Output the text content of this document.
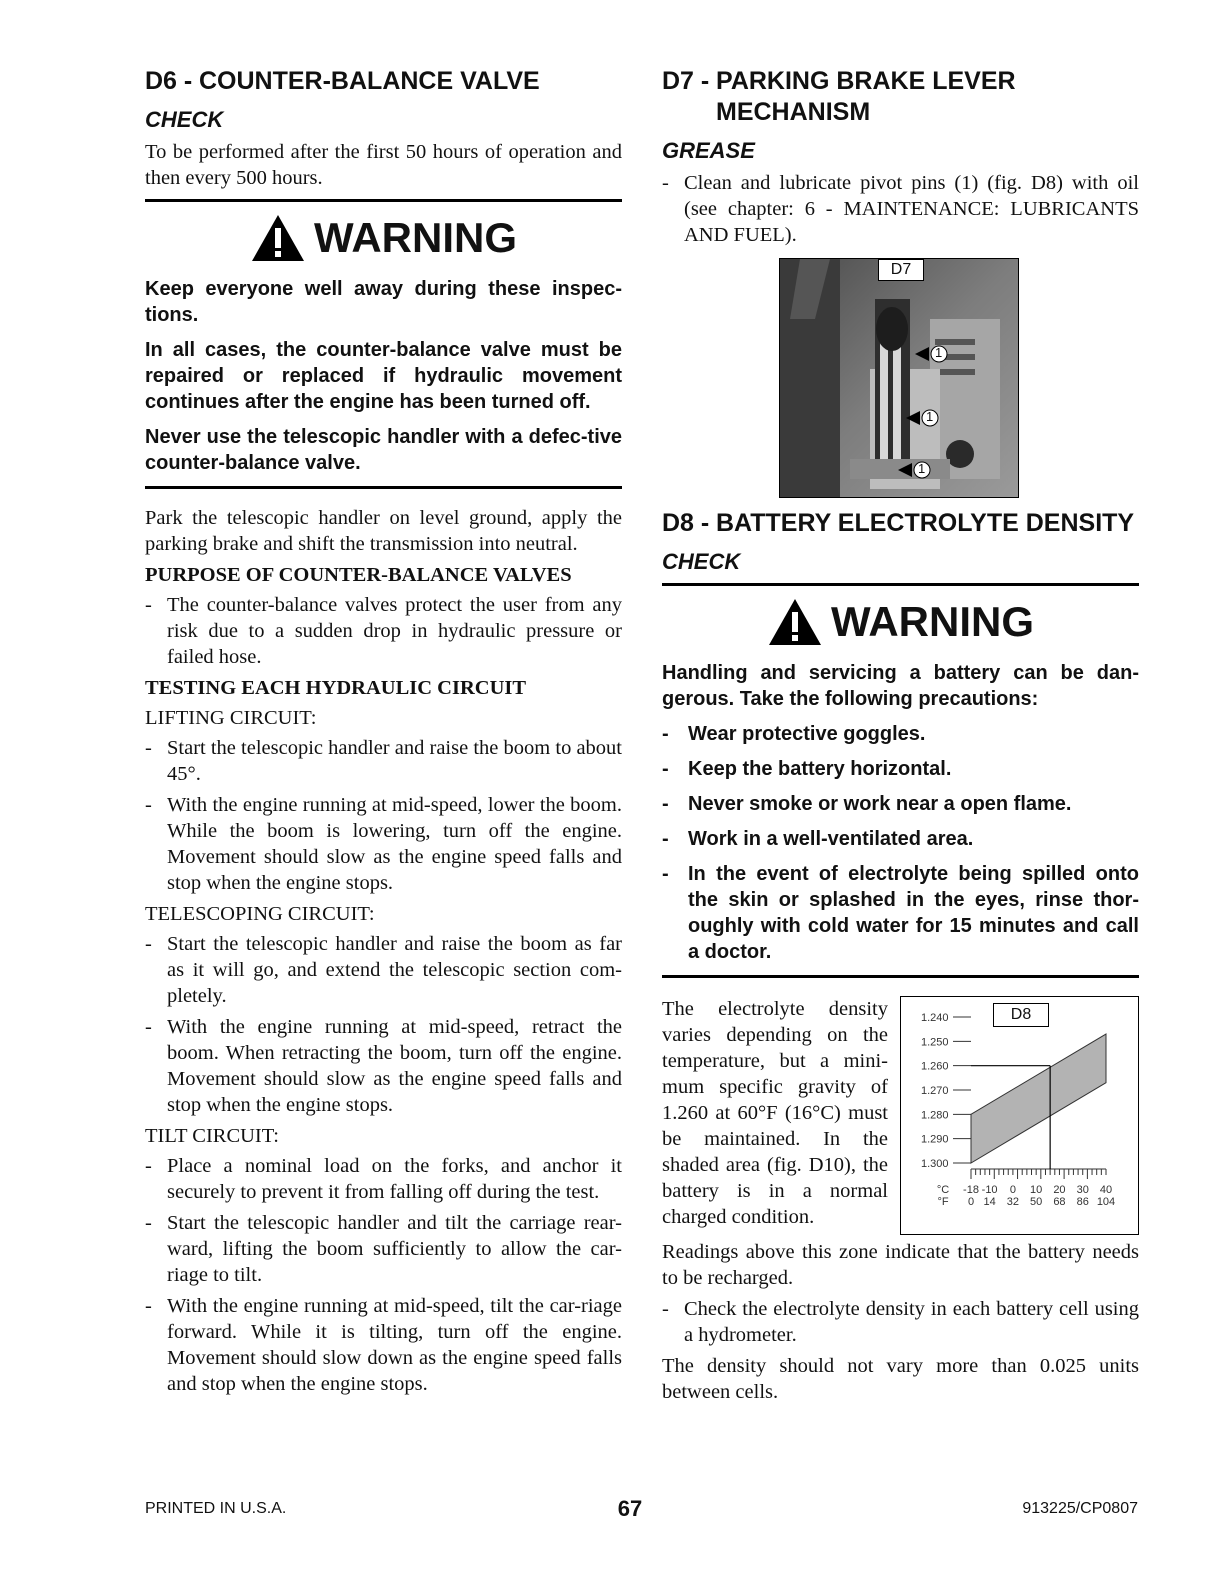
D6 - COUNTER-BALANCE VALVE
CHECK

To be performed after the first 50 hours of operation and then every 500 hours.

WARNING

Keep everyone well away during these inspec-tions.

In all cases, the counter-balance valve must be repaired or replaced if hydraulic movement continues after the engine has been turned off.

Never use the telescopic handler with a defec-tive counter-balance valve.

Park the telescopic handler on level ground, apply the parking brake and shift the transmission into neutral.

PURPOSE OF COUNTER-BALANCE VALVES
- The counter-balance valves protect the user from any risk due to a sudden drop in hydraulic pressure or failed hose.
TESTING EACH HYDRAULIC CIRCUIT
LIFTING CIRCUIT:
- Start the telescopic handler and raise the boom to about 45°.
- With the engine running at mid-speed, lower the boom. While the boom is lowering, turn off the engine. Movement should slow as the engine speed falls and stop when the engine stops.
TELESCOPING CIRCUIT:
- Start the telescopic handler and raise the boom as far as it will go, and extend the telescopic section com-pletely.
- With the engine running at mid-speed, retract the boom. When retracting the boom, turn off the engine. Movement should slow as the engine speed falls and stop when the engine stops.
TILT CIRCUIT:
- Place a nominal load on the forks, and anchor it securely to prevent it from falling off during the test.
- Start the telescopic handler and tilt the carriage rear-ward, lifting the boom sufficiently to allow the car-riage to tilt.
- With the engine running at mid-speed, tilt the car-riage forward. While it is tilting, turn off the engine. Movement should slow down as the engine speed falls and stop when the engine stops.
D7 - PARKING BRAKE LEVER MECHANISM
GREASE
- Clean and lubricate pivot pins (1) (fig. D8) with oil (see chapter: 6 - MAINTENANCE: LUBRICANTS AND FUEL).
D7
1
1
1
D8 - BATTERY ELECTROLYTE DENSITY
CHECK
WARNING

Handling and servicing a battery can be dan-gerous. Take the following precautions:

- Wear protective goggles.
- Keep the battery horizontal.
- Never smoke or work near a open flame.
- Work in a well-ventilated area.
- In the event of electrolyte being spilled onto the skin or splashed in the eyes, rinse thor-oughly with cold water for 15 minutes and call a doctor.

The electrolyte density varies depending on the temperature, but a mini-mum specific gravity of 1.260 at 60°F (16°C) must be maintained. In the shaded area (fig. D10), the battery is in a normal charged condition.

1.240
1.250
1.260
1.270
1.280
1.290
1.300
°C -18 -10 0 10 20 30 40
°F 0 14 32 50 68 86 104
D8

Readings above this zone indicate that the battery needs to be recharged.

- Check the electrolyte density in each battery cell using a hydrometer.

The density should not vary more than 0.025 units between cells.

PRINTED IN U.S.A.	67	913225/CP0807
